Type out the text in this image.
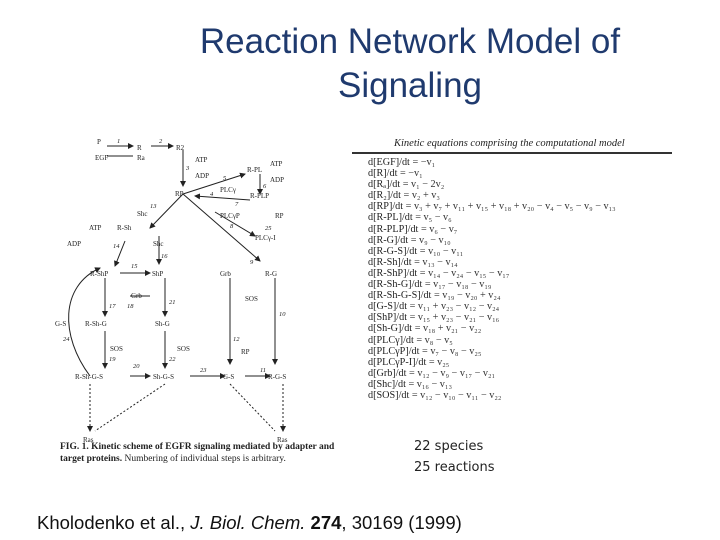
Reaction Network Model of
Signaling
P
EGF
R
Ra
R2
ATP
ADP
RP
R-PL
ATP
ADP
PLCγ
R-PLP
PLCγP	RP
PLCγ-I
Shc
R-Sh
ATP
ADP	Shc
R-ShP	ShP	Grb	R-G
Grb
R-Sh-G	Sh-G
G-S
SOS
SOS	SOS	RP
R-Sh-G-S	Sh-G-S	G-S	R-G-S
Ras	Ras
1	2
3
4
5
6
7
8
9
10
11
12
13
14
15
16
17 18
19
20
21
22
23
24
25
FIG. 1. Kinetic scheme of EGFR signaling mediated by adapter and target proteins. Numbering of individual steps is arbitrary.
Kinetic equations comprising the computational model
d[EGF]/dt = −v₁
d[R]/dt = −v₁
d[Rₐ]/dt = v₁ − 2v₂
d[R₂]/dt = v₂ + v₃
d[RP]/dt = v₃ + v₇ + v₁₁ + v₁₅ + v₁₈ + v₂₀ − v₄ − v₅ − v₉ − v₁₃
d[R-PL]/dt = v₅ − v₆
d[R-PLP]/dt = v₆ − v₇
d[R-G]/dt = v₉ − v₁₀
d[R-G-S]/dt = v₁₀ − v₁₁
d[R-Sh]/dt = v₁₃ − v₁₄
d[R-ShP]/dt = v₁₄ − v₂₄ − v₁₅ − v₁₇
d[R-Sh-G]/dt = v₁₇ − v₁₈ − v₁₉
d[R-Sh-G-S]/dt = v₁₉ − v₂₀ + v₂₄
d[G-S]/dt = v₁₁ + v₂₃ − v₁₂ − v₂₄
d[ShP]/dt = v₁₅ + v₂₃ − v₂₁ − v₁₆
d[Sh-G]/dt = v₁₈ + v₂₁ − v₂₂
d[PLCγ]/dt = v₈ − v₅
d[PLCγP]/dt = v₇ − v₈ − v₂₅
d[PLCγP-I]/dt = v₂₅
d[Grb]/dt = v₁₂ − v₉ − v₁₇ − v₂₁
d[Shc]/dt = v₁₆ − v₁₃
d[SOS]/dt = v₁₂ − v₁₀ − v₁₁ − v₂₂
22 species
25 reactions
Kholodenko et al., J. Biol. Chem. 274, 30169 (1999)
